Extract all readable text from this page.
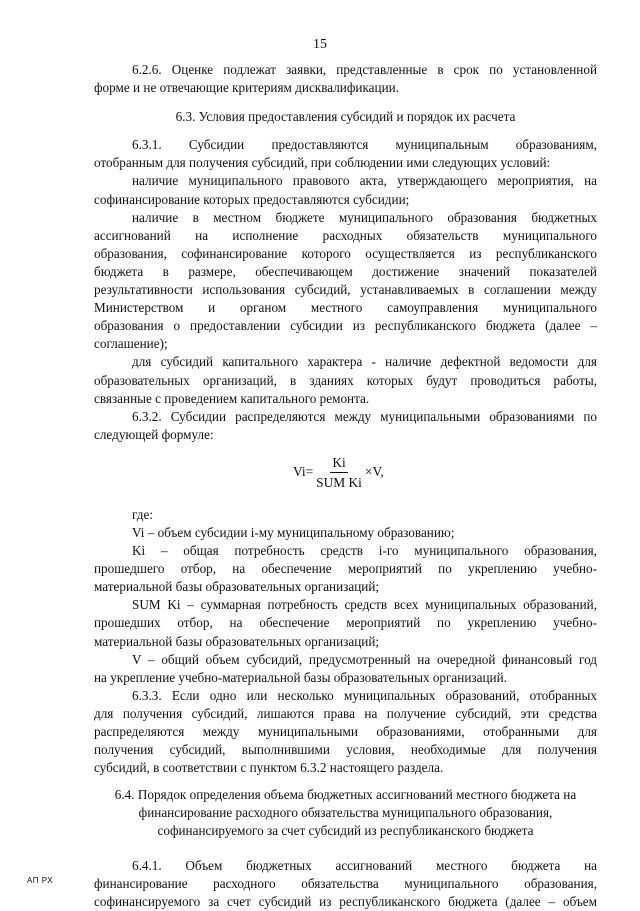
15

6.2.6. Оценке подлежат заявки, представленные в срок по установленной

форме и не отвечающие критериям дисквалификации.

6.3. Условия предоставления субсидий и порядок их расчета

6.3.1. Субсидии предоставляются муниципальным образованиям,

отобранным для получения субсидий, при соблюдении ими следующих условий:

наличие муниципального правового акта, утверждающего мероприятия, на

софинансирование которых предоставляются субсидии;

наличие в местном бюджете муниципального образования бюджетных

ассигнований на исполнение расходных обязательств муниципального

образования, софинансирование которого осуществляется из республиканского

бюджета в размере, обеспечивающем достижение значений показателей

результативности использования субсидий, устанавливаемых в соглашении между

Министерством и органом местного самоуправления муниципального

образования о предоставлении субсидии из республиканского бюджета (далее –

соглашение);

для субсидий капитального характера - наличие дефектной ведомости для

образовательных организаций, в зданиях которых будут проводиться работы,

связанные с проведением капитального ремонта.

6.3.2. Субсидии распределяются между муниципальными образованиями по

следующей формуле:

$Vi= \frac{Ki}{\text{SUM Ki}} \times V$,

где:

Vi – объем субсидии i-му муниципальному образованию;

Ki – общая потребность средств i-го муниципального образования,

прошедшего отбор, на обеспечение мероприятий по укреплению учебно-

материальной базы образовательных организаций;

SUM Ki – суммарная потребность средств всех муниципальных образований,

прошедших отбор, на обеспечение мероприятий по укреплению учебно-

материальной базы образовательных организаций;

V – общий объем субсидий, предусмотренный на очередной финансовый год

на укрепление учебно-материальной базы образовательных организаций.

6.3.3. Если одно или несколько муниципальных образований, отобранных

для получения субсидий, лишаются права на получение субсидий, эти средства

распределяются между муниципальными образованиями, отобранными для

получения субсидий, выполнившими условия, необходимые для получения

субсидий, в соответствии с пунктом 6.3.2 настоящего раздела.

6.4. Порядок определения объема бюджетных ассигнований местного бюджета на

финансирование расходного обязательства муниципального образования,

софинансируемого за счет субсидий из республиканского бюджета

6.4.1. Объем бюджетных ассигнований местного бюджета на

финансирование расходного обязательства муниципального образования,

софинансируемого за счет субсидий из республиканского бюджета (далее – объем

АП РХ
